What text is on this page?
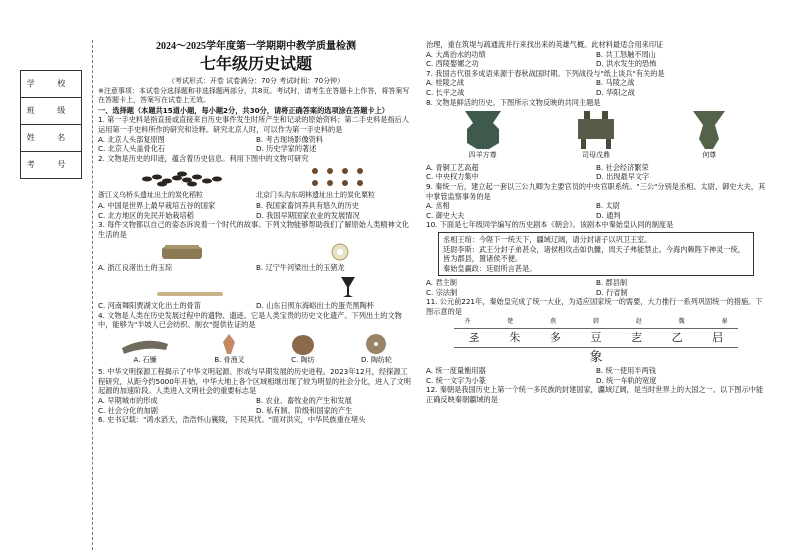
学 校
班 级
姓 名
考 号
2024～2025学年度第一学期期中教学质量检测
七年级历史试题
（考试形式：开卷 试卷满分：70分 考试时间：70分钟）
※注意事项：本试卷分选择题和非选择题两部分，共8页。考试时，请考生在答题卡上作答，将答案写在答题卡上，答案写在试卷上无效。
一、选择题（本题共15道小题，每小题2分，共30分，请将正确答案的选项涂在答题卡上）

1. 第一手史料是指直接或直接来自历史事件发生时所产生和记录的原始资料；第二手史料是指后人运用第一手史料所作的研究和诠释。研究北京人时，可以作为第一手史料的是

A. 北京人头部复原图	B. 考古现场影像资料
C. 北京人头盖骨化石	D. 历史学家的著述

2. 文物是历史的印迹，蕴含着历史信息。利用下图中的文物可研究

浙江义乌桥头遗址出土的炭化稻粒	北京门头沟东胡林遗址出土的炭化粟粒
A. 中国是世界上最早栽培五谷的国家	B. 我国家畜饲养具有悠久的历史
C. 北方地区的先民开始栽培稻	D. 我国早期国家农业的发展情况

3. 每件文物都以自己的姿态诉说着一个时代的故事。下列文物能够帮助我们了解原始人类精神文化生活的是

A. 浙江良渚出土的玉琮	B. 辽宁牛河梁出土的玉猪龙
C. 河南舞阳贾湖文化出土的骨笛	D. 山东日照东海峪出土的蛋壳黑陶杯

4. 文物是人类在历史发展过程中的遗物、遗迹。它是人类宝贵的历史文化遗产。下列出土的文物中，能够为"半坡人已会纺织、制衣"提供佐证的是

A. 石镰	B. 骨渔叉	C. 陶纺	D. 陶纺轮

5. 中华文明探源工程揭示了中华文明起源、形成与早期发展的历史进程。2023年12月，经探源工程研究，从距今约5000年开始，中华大地上各个区域相继出现了较为明显的社会分化，进入了文明起源的加速阶段。人类进入文明社会的重要标志是

A. 早期城市的形成	B. 农业、畜牧业的产生和发展
C. 社会分化的加剧	D. 私有制、阶级和国家的产生

6. 史书记载："鸿水滔天，浩浩怀山襄陵，下民其忧。"面对洪灾，中华民族重在堵头

治理，重在筑堤与疏通流并行来找出来的英雄气概。此材料最适合用来印证

A. 大禹治水的功绩	B. 共工怒触不周山
C. 西陵娶嫘之功	D. 洪水发生的恐怖

7. 我国古代很多成语来源于春秋战国时期。下列战役与"纸上谈兵"有关的是

A. 桂陵之战	B. 马陵之战
C. 长平之战	D. 华阳之战

8. 文物是鲜活的历史。下图所示文物反映的共同主题是

四羊方尊	司母戊鼎	何尊
A. 青铜工艺高超	B. 社会经济繁荣
C. 中央权力集中	D. 出现最早文字

9. 秦统一后，建立起一套以三公九卿为主要官员的中央官职系统。"三公"分别是丞相、太尉、御史大夫，其中掌管监察事务的是

A. 丞相	B. 太尉
C. 御史大夫	D. 通判

10. 下面是七年级同学编写的历史剧本《朝会》。该剧本中秦始皇认同的制度是

丞相王绾：今陛下一统天下，疆域辽阔，请分封诸子以巩卫王室。
廷尉李斯：武王分封子弟甚众，诸侯相攻击如仇雠，周天子弗能禁止。今海内赖陛下神灵一统，皆为郡县，置诸侯不便。
秦始皇赢政：廷尉所言甚是。
A. 君主制	B. 郡县制
C. 宗法制	D. 行省制

11. 公元前221年，秦始皇完成了统一大业，为适应国家统一的需要，大力推行一系列巩固统一的措施。下图示意的是

齐	楚	燕	韩	赵	魏	秦
𢀖	朱	多	豆	㐊	乙	𡰪
象
A. 统一度量衡用器	B. 统一使用半两钱
C. 统一文字为小篆	D. 统一车轨的宽度

12. 秦朝是我国历史上第一个统一多民族的封建国家，疆域辽阔，是当时世界上的大国之一。以下图示中能正确反映秦朝疆域的是
